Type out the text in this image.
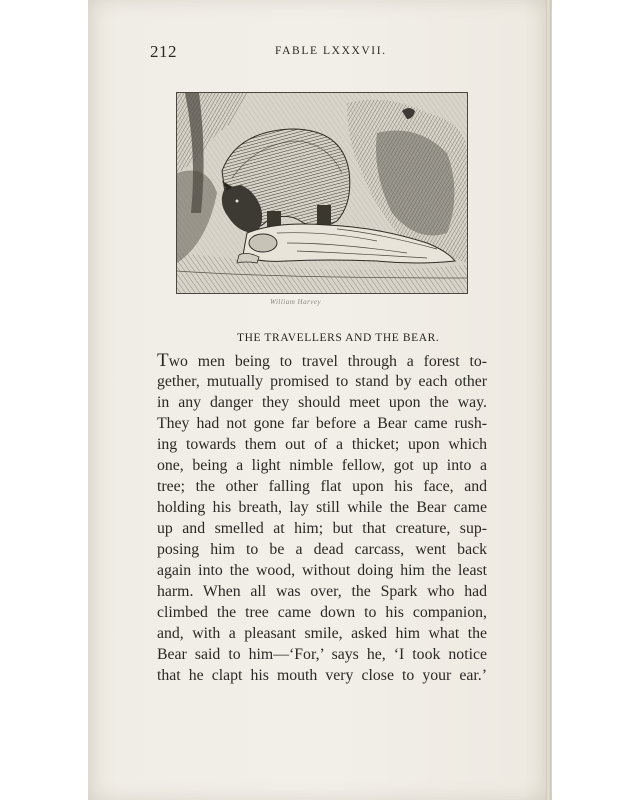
212	FABLE LXXXVII.
William Harvey
THE TRAVELLERS AND THE BEAR.
Two men being to travel through a forest to-
gether, mutually promised to stand by each other
in any danger they should meet upon the way.
They had not gone far before a Bear came rush-
ing towards them out of a thicket; upon which
one, being a light nimble fellow, got up into a
tree; the other falling flat upon his face, and
holding his breath, lay still while the Bear came
up and smelled at him; but that creature, sup-
posing him to be a dead carcass, went back
again into the wood, without doing him the least
harm. When all was over, the Spark who had
climbed the tree came down to his companion,
and, with a pleasant smile, asked him what the
Bear said to him—‘For,’ says he, ‘I took notice
that he clapt his mouth very close to your ear.’
